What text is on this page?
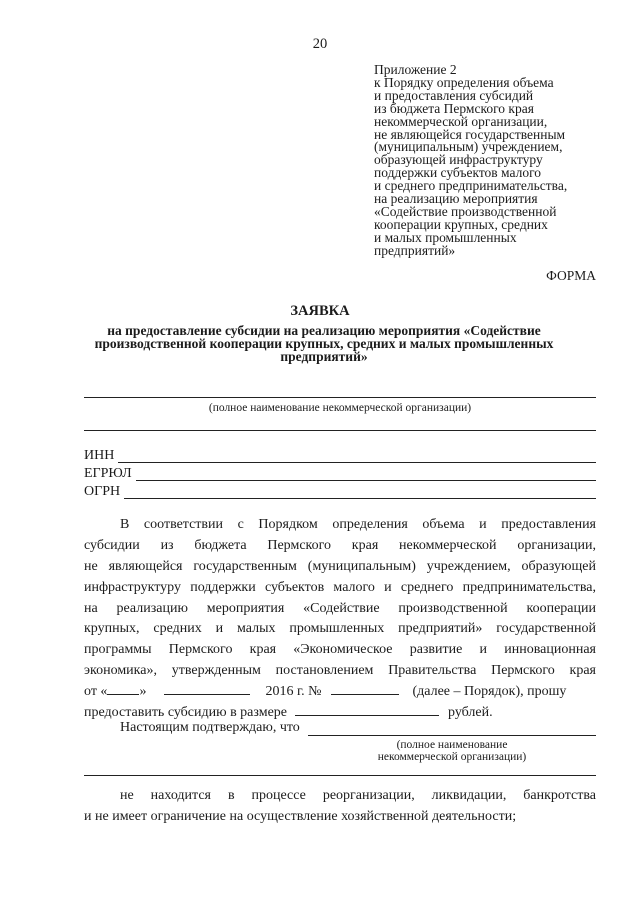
20
Приложение 2
к Порядку определения объема
и предоставления субсидий
из бюджета Пермского края
некоммерческой организации,
не являющейся государственным
(муниципальным) учреждением,
образующей инфраструктуру
поддержки субъектов малого
и среднего предпринимательства,
на реализацию мероприятия
«Содействие производственной
кооперации крупных, средних
и малых промышленных
предприятий»
ФОРМА
ЗАЯВКА
на предоставление субсидии на реализацию мероприятия «Содействие
производственной кооперации крупных, средних и малых промышленных
предприятий»
(полное наименование некоммерческой организации)
ИНН
ЕГРЮЛ
ОГРН
В соответствии с Порядком определения объема и предоставления
субсидии из бюджета Пермского края некоммерческой организации,
не являющейся государственным (муниципальным) учреждением, образующей
инфраструктуру поддержки субъектов малого и среднего предпринимательства,
на реализацию мероприятия «Содействие производственной кооперации
крупных, средних и малых промышленных предприятий» государственной
программы Пермского края «Экономическое развитие и инновационная
экономика», утвержденным постановлением Правительства Пермского края
от « »	2016 г. №	(далее – Порядок), прошу
предоставить субсидию в размере	рублей.
Настоящим подтверждаю, что
(полное наименование
некоммерческой организации)
не находится в процессе реорганизации, ликвидации, банкротства
и не имеет ограничение на осуществление хозяйственной деятельности;
